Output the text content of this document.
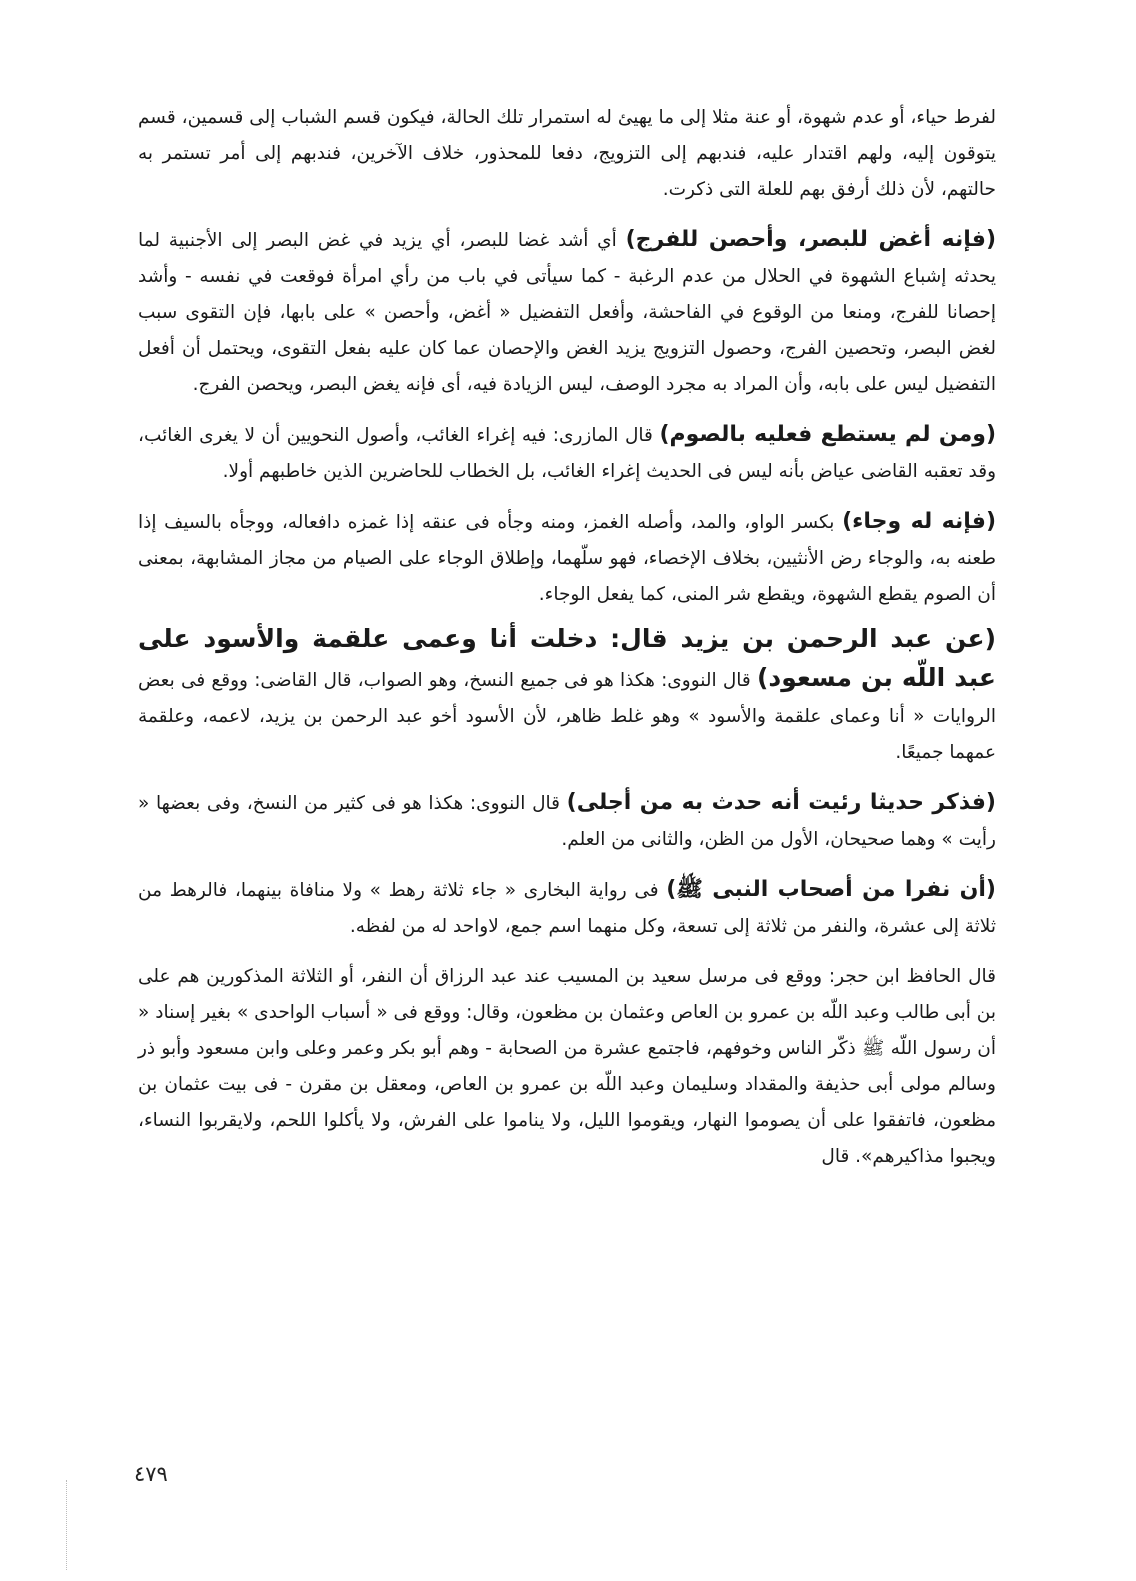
لفرط حياء، أو عدم شهوة، أو عنة مثلا إلى ما يهيئ له استمرار تلك الحالة، فيكون قسم الشباب إلى قسمين، قسم يتوقون إليه، ولهم اقتدار عليه، فندبهم إلى التزويج، دفعا للمحذور، خلاف الآخرين، فندبهم إلى أمر تستمر به حالتهم، لأن ذلك أرفق بهم للعلة التى ذكرت.

(فإنه أغض للبصر، وأحصن للفرج) أي أشد غضا للبصر، أي يزيد في غض البصر إلى الأجنبية لما يحدثه إشباع الشهوة في الحلال من عدم الرغبة - كما سيأتى في باب من رأي امرأة فوقعت في نفسه - وأشد إحصانا للفرج، ومنعا من الوقوع في الفاحشة، وأفعل التفضيل « أغض، وأحصن » على بابها، فإن التقوى سبب لغض البصر، وتحصين الفرج، وحصول التزويج يزيد الغض والإحصان عما كان عليه بفعل التقوى، ويحتمل أن أفعل التفضيل ليس على بابه، وأن المراد به مجرد الوصف، ليس الزيادة فيه، أى فإنه يغض البصر، ويحصن الفرج.

(ومن لم يستطع فعليه بالصوم) قال المازرى: فيه إغراء الغائب، وأصول النحويين أن لا يغرى الغائب، وقد تعقبه القاضى عياض بأنه ليس فى الحديث إغراء الغائب، بل الخطاب للحاضرين الذين خاطبهم أولا.

(فإنه له وجاء) بكسر الواو، والمد، وأصله الغمز، ومنه وجأه فى عنقه إذا غمزه دافعاله، ووجأه بالسيف إذا طعنه به، والوجاء رض الأنثيين، بخلاف الإخصاء، فهو سلّهما، وإطلاق الوجاء على الصيام من مجاز المشابهة، بمعنى أن الصوم يقطع الشهوة، ويقطع شر المنى، كما يفعل الوجاء.

(عن عبد الرحمن بن يزيد قال: دخلت أنا وعمى علقمة والأسود على عبد اللّه بن مسعود) قال النووى: هكذا هو فى جميع النسخ، وهو الصواب، قال القاضى: ووقع فى بعض الروايات « أنا وعماى علقمة والأسود » وهو غلط ظاهر، لأن الأسود أخو عبد الرحمن بن يزيد، لاعمه، وعلقمة عمهما جميعًا.

(فذكر حديثا رئيت أنه حدث به من أجلى) قال النووى: هكذا هو فى كثير من النسخ، وفى بعضها « رأيت » وهما صحيحان، الأول من الظن، والثانى من العلم.

(أن نفرا من أصحاب النبى ﷺ) فى رواية البخارى « جاء ثلاثة رهط » ولا منافاة بينهما، فالرهط من ثلاثة إلى عشرة، والنفر من ثلاثة إلى تسعة، وكل منهما اسم جمع، لاواحد له من لفظه.

قال الحافظ ابن حجر: ووقع فى مرسل سعيد بن المسيب عند عبد الرزاق أن النفر، أو الثلاثة المذكورين هم على بن أبى طالب وعبد اللّه بن عمرو بن العاص وعثمان بن مظعون، وقال: ووقع فى « أسباب الواحدى » بغير إسناد « أن رسول اللّه ﷺ ذكّر الناس وخوفهم، فاجتمع عشرة من الصحابة - وهم أبو بكر وعمر وعلى وابن مسعود وأبو ذر وسالم مولى أبى حذيفة والمقداد وسليمان وعبد اللّه بن عمرو بن العاص، ومعقل بن مقرن - فى بيت عثمان بن مظعون، فاتفقوا على أن يصوموا النهار، ويقوموا الليل، ولا يناموا على الفرش، ولا يأكلوا اللحم، ولايقربوا النساء، ويجبوا مذاكيرهم». قال

٤٧٩
